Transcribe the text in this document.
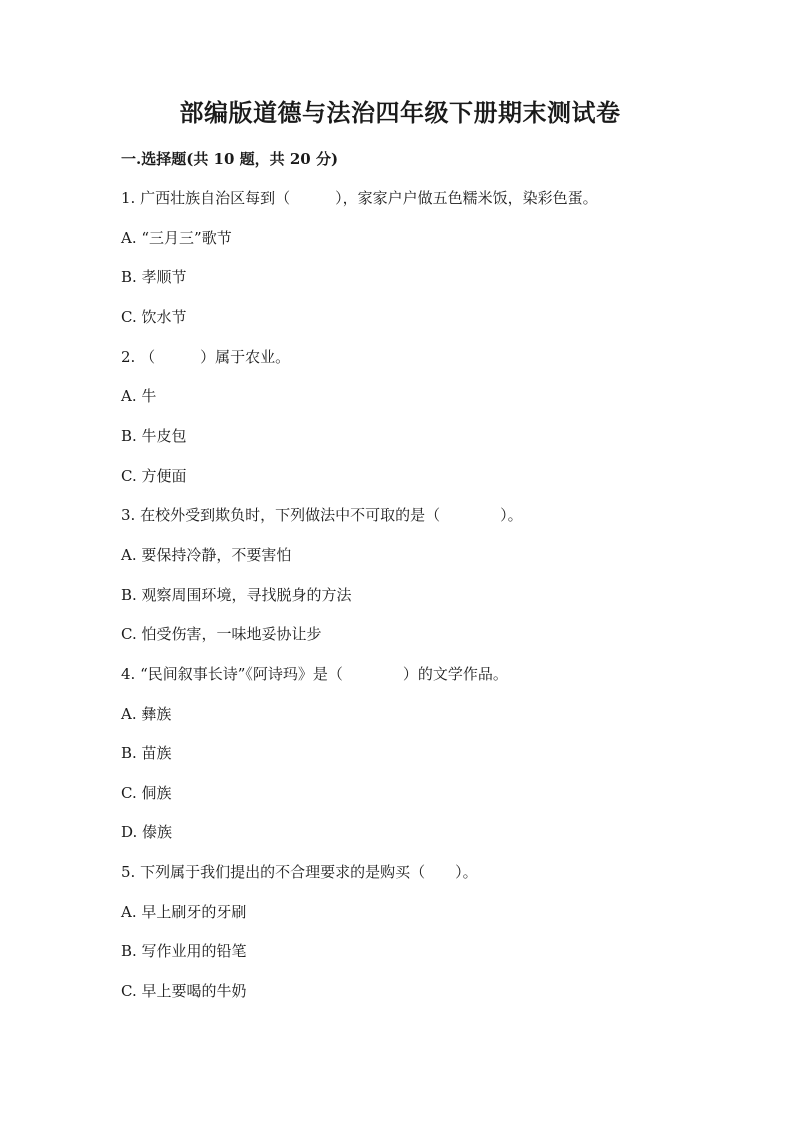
部编版道德与法治四年级下册期末测试卷
一.选择题(共 10 题，共 20 分)
1. 广西壮族自治区每到（　　　），家家户户做五色糯米饭，染彩色蛋。
A. “三月三”歌节
B. 孝顺节
C. 饮水节
2. （　　　）属于农业。
A. 牛
B. 牛皮包
C. 方便面
3. 在校外受到欺负时，下列做法中不可取的是（　　　　）。
A. 要保持冷静，不要害怕
B. 观察周围环境，寻找脱身的方法
C. 怕受伤害，一味地妥协让步
4. “民间叙事长诗”《阿诗玛》是（　　　　）的文学作品。
A. 彝族
B. 苗族
C. 侗族
D. 傣族
5. 下列属于我们提出的不合理要求的是购买（　　）。
A. 早上刷牙的牙刷
B. 写作业用的铅笔
C. 早上要喝的牛奶
